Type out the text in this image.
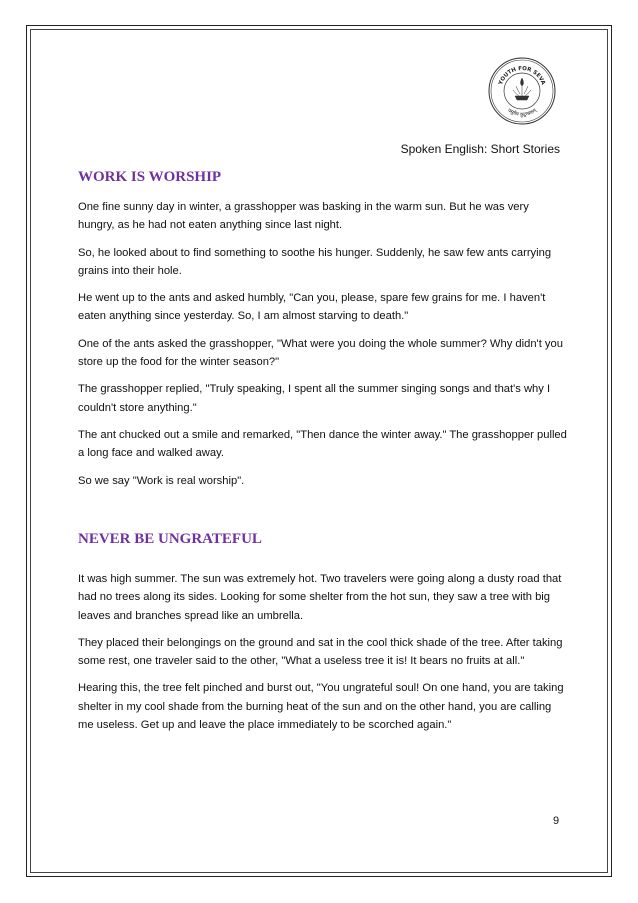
YOUTH FOR SEVA
वसुधैव कुटुम्बकम्
Spoken English: Short Stories
WORK IS WORSHIP

One fine sunny day in winter, a grasshopper was basking in the warm sun. But he was very hungry, as he had not eaten anything since last night.

So, he looked about to find something to soothe his hunger. Suddenly, he saw few ants carrying grains into their hole.

He went up to the ants and asked humbly, "Can you, please, spare few grains for me. I haven't eaten anything since yesterday. So, I am almost starving to death."

One of the ants asked the grasshopper, "What were you doing the whole summer? Why didn't you store up the food for the winter season?"

The grasshopper replied, "Truly speaking, I spent all the summer singing songs and that's why I couldn't store anything."

The ant chucked out a smile and remarked, "Then dance the winter away." The grasshopper pulled a long face and walked away.

So we say "Work is real worship".

NEVER BE UNGRATEFUL

It was high summer. The sun was extremely hot. Two travelers were going along a dusty road that had no trees along its sides. Looking for some shelter from the hot sun, they saw a tree with big leaves and branches spread like an umbrella.

They placed their belongings on the ground and sat in the cool thick shade of the tree. After taking some rest, one traveler said to the other, "What a useless tree it is! It bears no fruits at all."

Hearing this, the tree felt pinched and burst out, "You ungrateful soul! On one hand, you are taking shelter in my cool shade from the burning heat of the sun and on the other hand, you are calling me useless. Get up and leave the place immediately to be scorched again."

9
